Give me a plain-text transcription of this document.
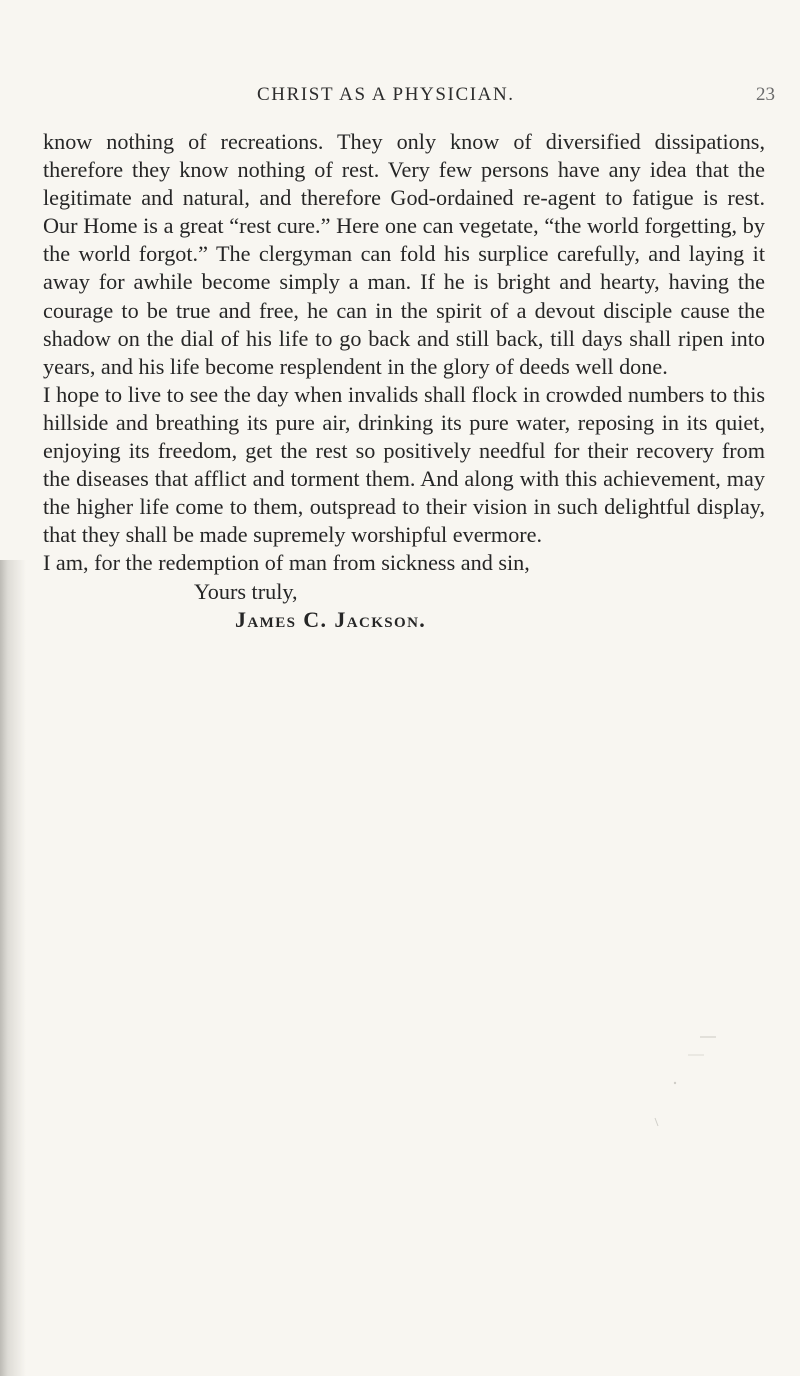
CHRIST AS A PHYSICIAN.	23

know nothing of recreations. They only know of diversified dissipations, therefore they know nothing of rest. Very few persons have any idea that the legitimate and natural, and therefore God-ordained re-agent to fatigue is rest. Our Home is a great “rest cure.” Here one can vegetate, “the world forgetting, by the world forgot.” The clergyman can fold his surplice carefully, and laying it away for awhile become simply a man. If he is bright and hearty, having the courage to be true and free, he can in the spirit of a devout disciple cause the shadow on the dial of his life to go back and still back, till days shall ripen into years, and his life become resplendent in the glory of deeds well done.

I hope to live to see the day when invalids shall flock in crowded numbers to this hillside and breathing its pure air, drinking its pure water, reposing in its quiet, enjoying its freedom, get the rest so positively needful for their recovery from the diseases that afflict and torment them. And along with this achievement, may the higher life come to them, outspread to their vision in such delightful display, that they shall be made supremely worshipful evermore.

I am, for the redemption of man from sickness and sin,

Yours truly,

James C. Jackson.
